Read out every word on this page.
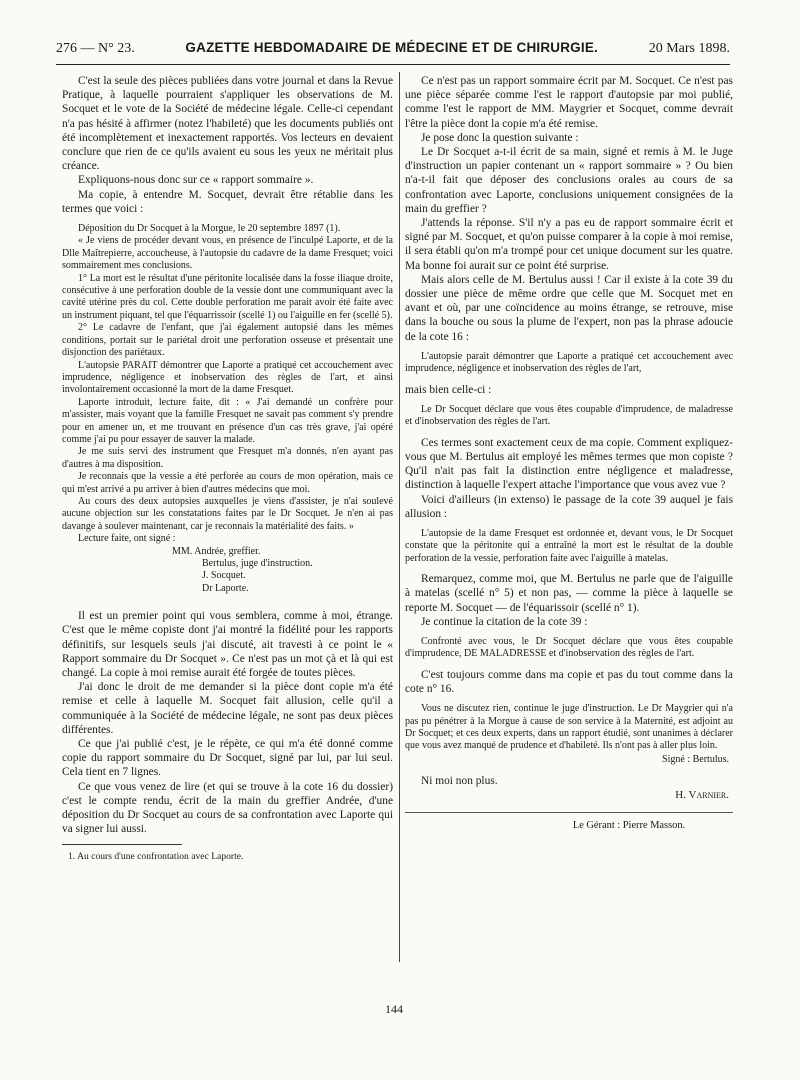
276 — N° 23.	GAZETTE HEBDOMADAIRE DE MÉDECINE ET DE CHIRURGIE.	20 Mars 1898.

C'est la seule des pièces publiées dans votre journal et dans la Revue Pratique, à laquelle pourraient s'appliquer les observations de M. Socquet et le vote de la Société de médecine légale. Celle-ci cependant n'a pas hésité à affirmer (notez l'habileté) que les documents publiés ont été incomplètement et inexactement rapportés. Vos lecteurs en devaient conclure que rien de ce qu'ils avaient eu sous les yeux ne méritait plus créance.

Expliquons-nous donc sur ce « rapport sommaire ».

Ma copie, à entendre M. Socquet, devrait être rétablie dans les termes que voici :

Déposition du Dr Socquet à la Morgue, le 20 septembre 1897 (1).

« Je viens de procéder devant vous, en présence de l'inculpé Laporte, et de la Dlle Maîtrepierre, accoucheuse, à l'autopsie du cadavre de la dame Fresquet; voici sommairement mes conclusions.

1° La mort est le résultat d'une péritonite localisée dans la fosse iliaque droite, consécutive à une perforation double de la vessie dont une communiquant avec la cavité utérine près du col. Cette double perforation me parait avoir été faite avec un instrument piquant, tel que l'équarrissoir (scellé 1) ou l'aiguille en fer (scellé 5).

2° Le cadavre de l'enfant, que j'ai également autopsié dans les mêmes conditions, portait sur le pariétal droit une perforation osseuse et présentait une disjonction des pariétaux.

L'autopsie PARAIT démontrer que Laporte a pratiqué cet accouchement avec imprudence, négligence et inobservation des règles de l'art, et ainsi involontairement occasionné la mort de la dame Fresquet.

Laporte introduit, lecture faite, dit : « J'ai demandé un confrère pour m'assister, mais voyant que la famille Fresquet ne savait pas comment s'y prendre pour en amener un, et me trouvant en présence d'un cas très grave, j'ai opéré comme j'ai pu pour essayer de sauver la malade.

Je me suis servi des instrument que Fresquet m'a donnés, n'en ayant pas d'autres à ma disposition.

Je reconnais que la vessie a été perforée au cours de mon opération, mais ce qui m'est arrivé a pu arriver à bien d'autres médecins que moi.

Au cours des deux autopsies auxquelles je viens d'assister, je n'ai soulevé aucune objection sur les constatations faites par le Dr Socquet. Je n'en ai pas davange à soulever maintenant, car je reconnais la matérialité des faits. »

Lecture faite, ont signé :

MM. Andrée, greffier.
Bertulus, juge d'instruction.
J. Socquet.
Dr Laporte.

Il est un premier point qui vous semblera, comme à moi, étrange. C'est que le même copiste dont j'ai montré la fidélité pour les rapports définitifs, sur lesquels seuls j'ai discuté, ait travesti à ce point le « Rapport sommaire du Dr Socquet ». Ce n'est pas un mot çà et là qui est changé. La copie à moi remise aurait été forgée de toutes pièces.

J'ai donc le droit de me demander si la pièce dont copie m'a été remise et celle à laquelle M. Socquet fait allusion, celle qu'il a communiquée à la Société de médecine légale, ne sont pas deux pièces différentes.

Ce que j'ai publié c'est, je le répète, ce qui m'a été donné comme copie du rapport sommaire du Dr Socquet, signé par lui, par lui seul. Cela tient en 7 lignes.

Ce que vous venez de lire (et qui se trouve à la cote 16 du dossier) c'est le compte rendu, écrit de la main du greffier Andrée, d'une déposition du Dr Socquet au cours de sa confrontation avec Laporte qui va signer lui aussi.

1. Au cours d'une confrontation avec Laporte.

Ce n'est pas un rapport sommaire écrit par M. Socquet. Ce n'est pas une pièce séparée comme l'est le rapport d'autopsie par moi publié, comme l'est le rapport de MM. Maygrier et Socquet, comme devrait l'être la pièce dont la copie m'a été remise.

Je pose donc la question suivante :

Le Dr Socquet a-t-il écrit de sa main, signé et remis à M. le Juge d'instruction un papier contenant un « rapport sommaire » ? Ou bien n'a-t-il fait que déposer des conclusions orales au cours de sa confrontation avec Laporte, conclusions uniquement consignées de la main du greffier ?

J'attends la réponse. S'il n'y a pas eu de rapport sommaire écrit et signé par M. Socquet, et qu'on puisse comparer à la copie à moi remise, il sera établi qu'on m'a trompé pour cet unique document sur les quatre. Ma bonne foi aurait sur ce point été surprise.

Mais alors celle de M. Bertulus aussi ! Car il existe à la cote 39 du dossier une pièce de même ordre que celle que M. Socquet met en avant et où, par une coïncidence au moins étrange, se retrouve, mise dans la bouche ou sous la plume de l'expert, non pas la phrase adoucie de la cote 16 :

L'autopsie parait démontrer que Laporte a pratiqué cet accouchement avec imprudence, négligence et inobservation des règles de l'art,

mais bien celle-ci :

Le Dr Socquet déclare que vous êtes coupable d'imprudence, de maladresse et d'inobservation des règles de l'art.

Ces termes sont exactement ceux de ma copie. Comment expliquez-vous que M. Bertulus ait employé les mêmes termes que mon copiste ? Qu'il n'ait pas fait la distinction entre négligence et maladresse, distinction à laquelle l'expert attache l'importance que vous avez vue ?

Voici d'ailleurs (in extenso) le passage de la cote 39 auquel je fais allusion :

L'autopsie de la dame Fresquet est ordonnée et, devant vous, le Dr Socquet constate que la péritonite qui a entraîné la mort est le résultat de la double perforation de la vessie, perforation faite avec l'aiguille à matelas.

Remarquez, comme moi, que M. Bertulus ne parle que de l'aiguille à matelas (scellé n° 5) et non pas, — comme la pièce à laquelle se reporte M. Socquet — de l'équarissoir (scellé n° 1).

Je continue la citation de la cote 39 :

Confronté avec vous, le Dr Socquet déclare que vous êtes coupable d'imprudence, DE MALADRESSE et d'inobservation des règles de l'art.

C'est toujours comme dans ma copie et pas du tout comme dans la cote n° 16.

Vous ne discutez rien, continue le juge d'instruction. Le Dr Maygrier qui n'a pas pu pénétrer à la Morgue à cause de son service à la Maternité, est adjoint au Dr Socquet; et ces deux experts, dans un rapport étudié, sont unanimes à déclarer que vous avez manqué de prudence et d'habileté. Ils n'ont pas à aller plus loin.

Signé : Bertulus.

Ni moi non plus.

H. Varnier.
Le Gérant : Pierre Masson.
144
